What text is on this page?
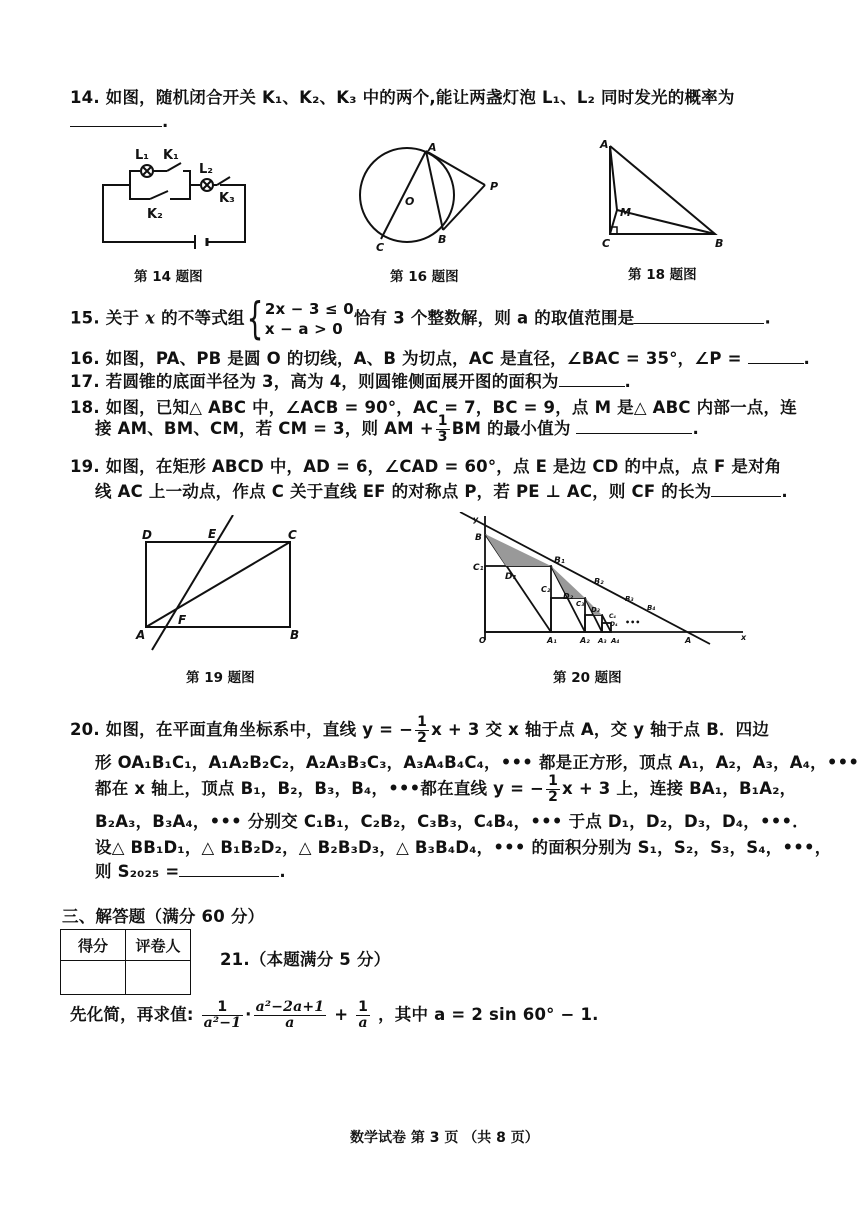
14. 如图，随机闭合开关 K₁、K₂、K₃ 中的两个,能让两盏灯泡 L₁、L₂ 同时发光的概率为
.
L₁ K₁
L₂
K₂
K₃
第 14 题图
A
O
P
C
B
第 16 题图
A
M
C	B
第 18 题图
15. 关于 x 的不等式组{ 2x − 3 ≤ 0
x − a > 0
恰有 3 个整数解，则 a 的取值范围是	.
16. 如图，PA、PB 是圆 O 的切线，A、B 为切点，AC 是直径，∠BAC = 35°，∠P =	.
17. 若圆锥的底面半径为 3，高为 4，则圆锥侧面展开图的面积为	.
18. 如图，已知△ ABC 中，∠ACB = 90°，AC = 7，BC = 9，点 M 是△ ABC 内部一点，连
接 AM、BM、CM，若 CM = 3，则 AM + $\frac{1}{3}$ BM 的最小值为	.
19. 如图，在矩形 ABCD 中，AD = 6，∠CAD = 60°，点 E 是边 CD 的中点，点 F 是对角
线 AC 上一动点，作点 C 关于直线 EF 的对称点 P，若 PE ⊥ AC，则 CF 的长为	.
D	E	C
F
A	B
第 19 题图
y
B
B₁
C₁
D₁	B₂
C₂
D₂	B₃
C₃
D₃	B₄
C₄
D₄
O	A₁	A₂ A₃ A₄	A	x
•••
第 20 题图
20. 如图，在平面直角坐标系中，直线 y = − $\frac{1}{2}$ x + 3 交 x 轴于点 A，交 y 轴于点 B．四边
形 OA₁B₁C₁，A₁A₂B₂C₂，A₂A₃B₃C₃，A₃A₄B₄C₄，••• 都是正方形，顶点 A₁，A₂，A₃，A₄，•••
都在 x 轴上，顶点 B₁，B₂，B₃，B₄，•••都在直线 y = − $\frac{1}{2}$ x + 3 上，连接 BA₁，B₁A₂，
B₂A₃，B₃A₄，••• 分别交 C₁B₁，C₂B₂，C₃B₃，C₄B₄，••• 于点 D₁，D₂，D₃，D₄，•••．
设△ BB₁D₁，△ B₁B₂D₂，△ B₂B₃D₃，△ B₃B₄D₄，••• 的面积分别为 S₁，S₂，S₃，S₄，•••，
则 S₂₀₂₅ =	.
三、解答题（满分 60 分）
得分	评卷人

21.（本题满分 5 分）
先化简，再求值: $\frac{1}{\text{a²−1}} \cdot \frac{\text{a²−2a+1}}{a} + \frac{1}{a}$ ，其中 a = 2 sin 60° − 1.
数学试卷 第 3 页 （共 8 页）
